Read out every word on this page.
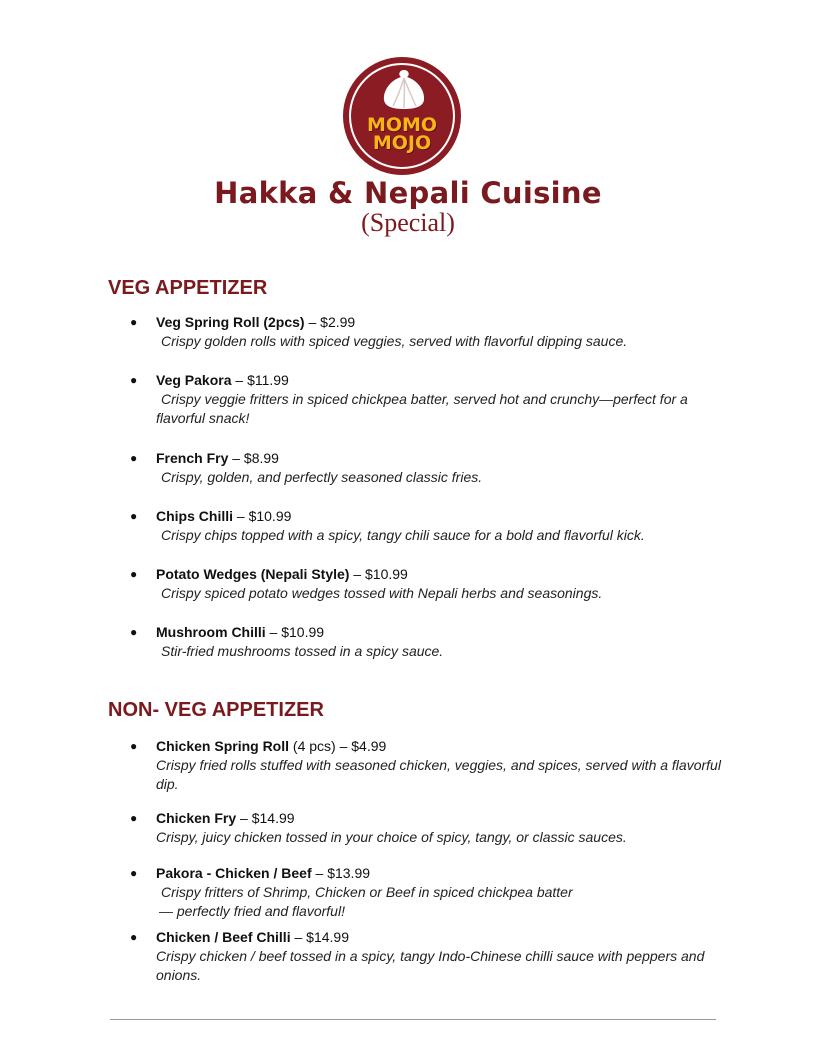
MOMO
MOJO
Hakka & Nepali Cuisine
(Special)
VEG APPETIZER
● Veg Spring Roll (2pcs) – $2.99
Crispy golden rolls with spiced veggies, served with flavorful dipping sauce.
● Veg Pakora – $11.99
Crispy veggie fritters in spiced chickpea batter, served hot and crunchy—perfect for a flavorful snack!
● French Fry – $8.99
Crispy, golden, and perfectly seasoned classic fries.
● Chips Chilli – $10.99
Crispy chips topped with a spicy, tangy chili sauce for a bold and flavorful kick.
● Potato Wedges (Nepali Style) – $10.99
Crispy spiced potato wedges tossed with Nepali herbs and seasonings.
● Mushroom Chilli – $10.99
Stir-fried mushrooms tossed in a spicy sauce.
NON- VEG APPETIZER
● Chicken Spring Roll (4 pcs) – $4.99
Crispy fried rolls stuffed with seasoned chicken, veggies, and spices, served with a flavorful dip.
● Chicken Fry – $14.99
Crispy, juicy chicken tossed in your choice of spicy, tangy, or classic sauces.
● Pakora - Chicken / Beef – $13.99
Crispy fritters of Shrimp, Chicken or Beef in spiced chickpea batter
— perfectly fried and flavorful!
● Chicken / Beef Chilli – $14.99
Crispy chicken / beef tossed in a spicy, tangy Indo-Chinese chilli sauce with peppers and onions.
